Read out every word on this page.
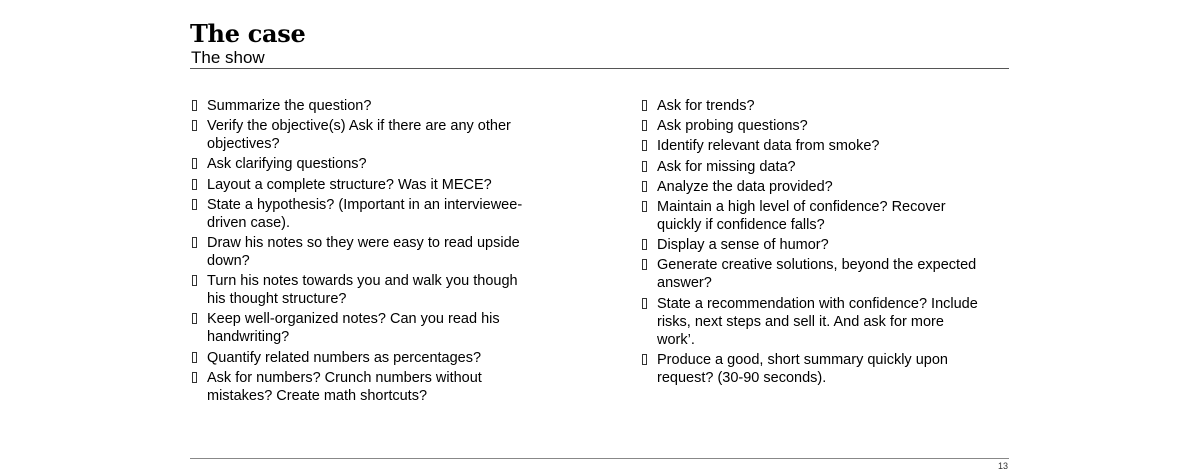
The case
The show
Summarize the question?
Verify the objective(s) Ask if there are any other objectives?
Ask clarifying questions?
Layout a complete structure? Was it MECE?
State a hypothesis? (Important in an interviewee-driven case).
Draw his notes so they were easy to read upside down?
Turn his notes towards you and walk you though his thought structure?
Keep well-organized notes? Can you read his handwriting?
Quantify related numbers as percentages?
Ask for numbers? Crunch numbers without mistakes? Create math shortcuts?
Ask for trends?
Ask probing questions?
Identify relevant data from smoke?
Ask for missing data?
Analyze the data provided?
Maintain a high level of confidence? Recover quickly if confidence falls?
Display a sense of humor?
Generate creative solutions, beyond the expected answer?
State a recommendation with confidence? Include risks, next steps and sell it. And ask for more work’.
Produce a good, short summary quickly upon request? (30-90 seconds).
13
